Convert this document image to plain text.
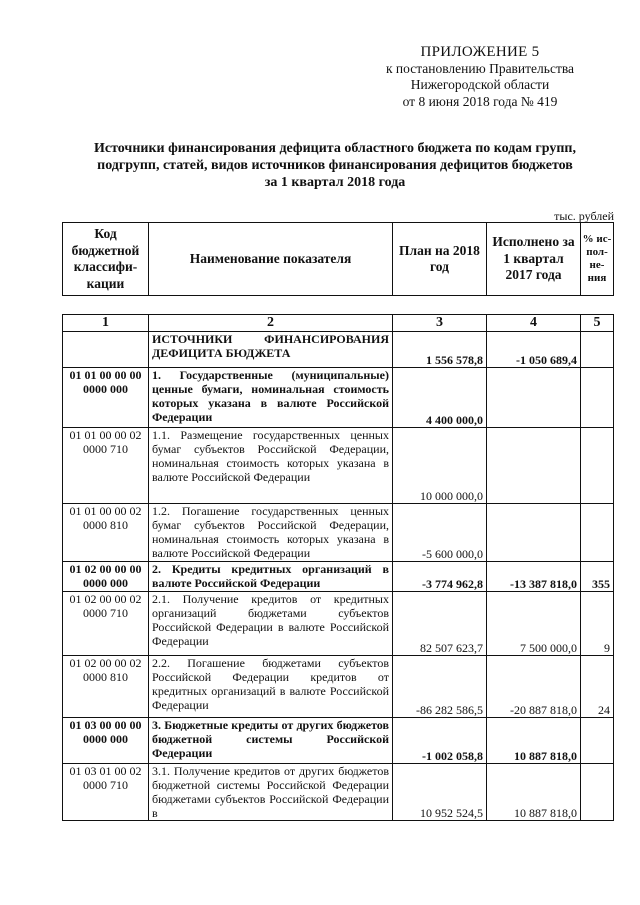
ПРИЛОЖЕНИЕ 5
к постановлению Правительства
Нижегородской области
от 8 июня 2018 года № 419
Источники финансирования дефицита областного бюджета по кодам групп,
подгрупп, статей, видов источников финансирования дефицитов бюджетов
за 1 квартал 2018 года
тыс. рублей
Код бюджетной классифи-кации	Наименование показателя	План на 2018 год	Исполнено за 1 квартал 2017 года	% ис-пол-не-ния
1	2	3	4	5
	ИСТОЧНИКИ ФИНАНСИРОВАНИЯ ДЕФИЦИТА БЮДЖЕТА	1 556 578,8	-1 050 689,4	
01 01 00 00 00 0000 000	1. Государственные (муниципальные) ценные бумаги, номинальная стоимость которых указана в валюте Российской Федерации	4 400 000,0		
01 01 00 00 02 0000 710	1.1. Размещение государственных ценных бумаг субъектов Российской Федерации, номинальная стоимость которых указана в валюте Российской Федерации	10 000 000,0		
01 01 00 00 02 0000 810	1.2. Погашение государственных ценных бумаг субъектов Российской Федерации, номинальная стоимость которых указана в валюте Российской Федерации	-5 600 000,0		
01 02 00 00 00 0000 000	2. Кредиты кредитных организаций в валюте Российской Федерации	-3 774 962,8	-13 387 818,0	355
01 02 00 00 02 0000 710	2.1. Получение кредитов от кредитных организаций бюджетами субъектов Российской Федерации в валюте Российской Федерации	82 507 623,7	7 500 000,0	9
01 02 00 00 02 0000 810	2.2. Погашение бюджетами субъектов Российской Федерации кредитов от кредитных организаций в валюте Российской Федерации	-86 282 586,5	-20 887 818,0	24
01 03 00 00 00 0000 000	3. Бюджетные кредиты от других бюджетов бюджетной системы Российской Федерации	-1 002 058,8	10 887 818,0	
01 03 01 00 02 0000 710	3.1. Получение кредитов от других бюджетов бюджетной системы Российской Федерации бюджетами субъектов Российской Федерации в	10 952 524,5	10 887 818,0	
